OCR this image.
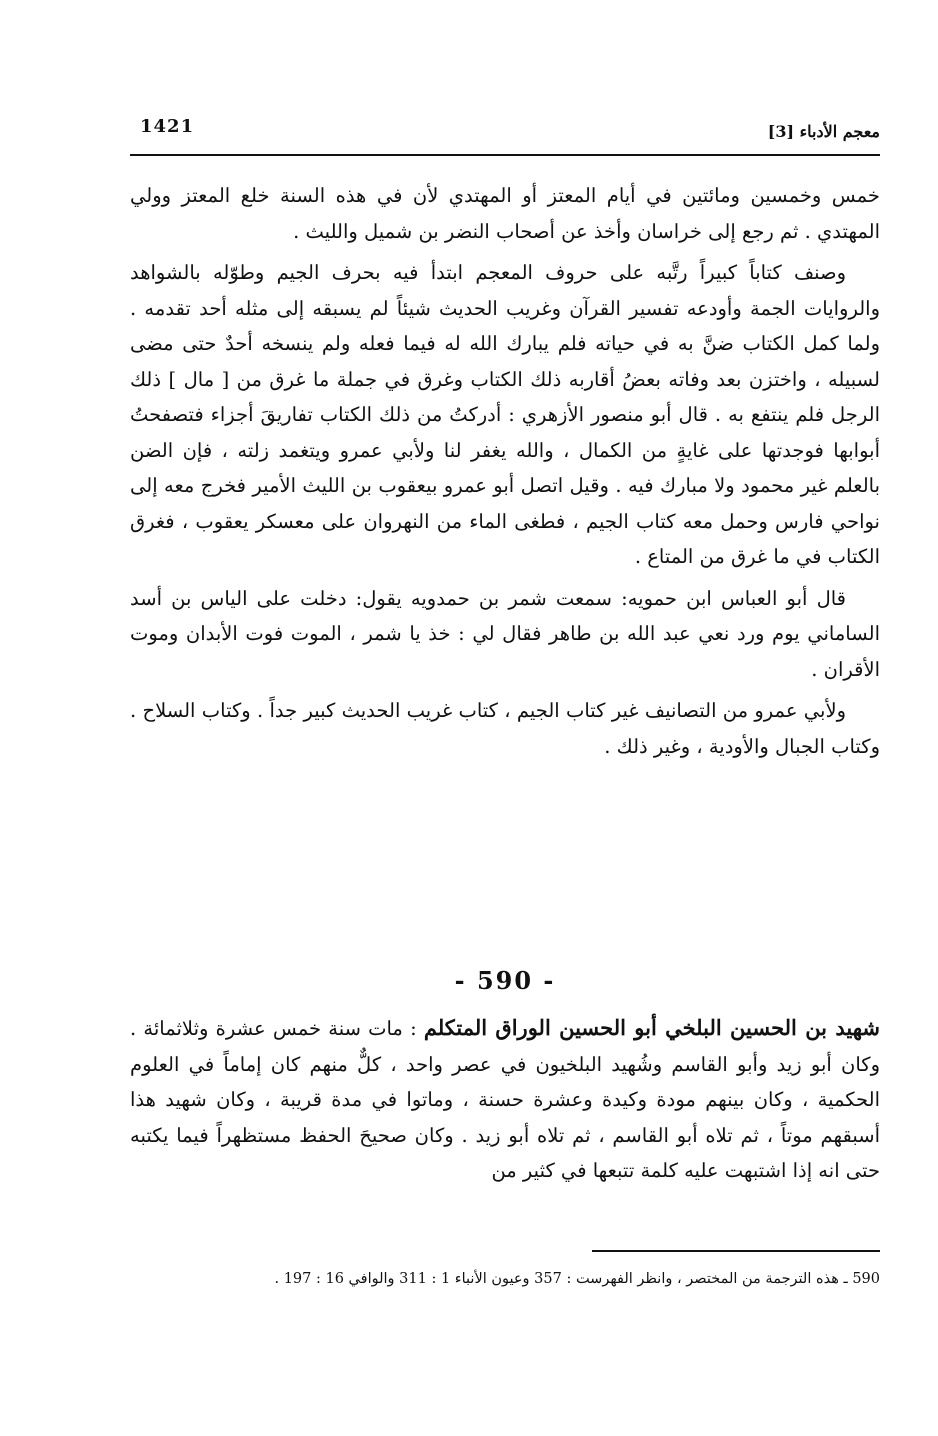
1421	معجم الأدباء [3]

خمس وخمسين ومائتين في أيام المعتز أو المهتدي لأن في هذه السنة خلع المعتز وولي المهتدي . ثم رجع إلى خراسان وأخذ عن أصحاب النضر بن شميل والليث .

وصنف كتاباً كبيراً رتَّبه على حروف المعجم ابتدأ فيه بحرف الجيم وطوّله بالشواهد والروايات الجمة وأودعه تفسير القرآن وغريب الحديث شيئاً لم يسبقه إلى مثله أحد تقدمه . ولما كمل الكتاب ضنَّ به في حياته فلم يبارك الله له فيما فعله ولم ينسخه أحدٌ حتى مضى لسبيله ، واختزن بعد وفاته بعضُ أقاربه ذلك الكتاب وغرق في جملة ما غرق من [ مال ] ذلك الرجل فلم ينتفع به . قال أبو منصور الأزهري : أدركتُ من ذلك الكتاب تفاريقَ أجزاء فتصفحتُ أبوابها فوجدتها على غايةٍ من الكمال ، والله يغفر لنا ولأبي عمرو ويتغمد زلته ، فإن الضن بالعلم غير محمود ولا مبارك فيه . وقيل اتصل أبو عمرو بيعقوب بن الليث الأمير فخرج معه إلى نواحي فارس وحمل معه كتاب الجيم ، فطغى الماء من النهروان على معسكر يعقوب ، فغرق الكتاب في ما غرق من المتاع .

قال أبو العباس ابن حمويه: سمعت شمر بن حمدويه يقول: دخلت على الياس بن أسد الساماني يوم ورد نعي عبد الله بن طاهر فقال لي : خذ يا شمر ، الموت فوت الأبدان وموت الأقران .

ولأبي عمرو من التصانيف غير كتاب الجيم ، كتاب غريب الحديث كبير جداً . وكتاب السلاح . وكتاب الجبال والأودية ، وغير ذلك .

- 590 -
شهيد بن الحسين البلخي أبو الحسين الوراق المتكلم : مات سنة خمس عشرة وثلاثمائة . وكان أبو زيد وأبو القاسم وشُهيد البلخيون في عصر واحد ، كلٌّ منهم كان إماماً في العلوم الحكمية ، وكان بينهم مودة وكيدة وعشرة حسنة ، وماتوا في مدة قريبة ، وكان شهيد هذا أسبقهم موتاً ، ثم تلاه أبو القاسم ، ثم تلاه أبو زيد . وكان صحيحَ الحفظ مستظهراً فيما يكتبه حتى انه إذا اشتبهت عليه كلمة تتبعها في كثير من
590 ـ هذه الترجمة من المختصر ، وانظر الفهرست : 357 وعيون الأنباء 1 : 311 والوافي 16 : 197 .
